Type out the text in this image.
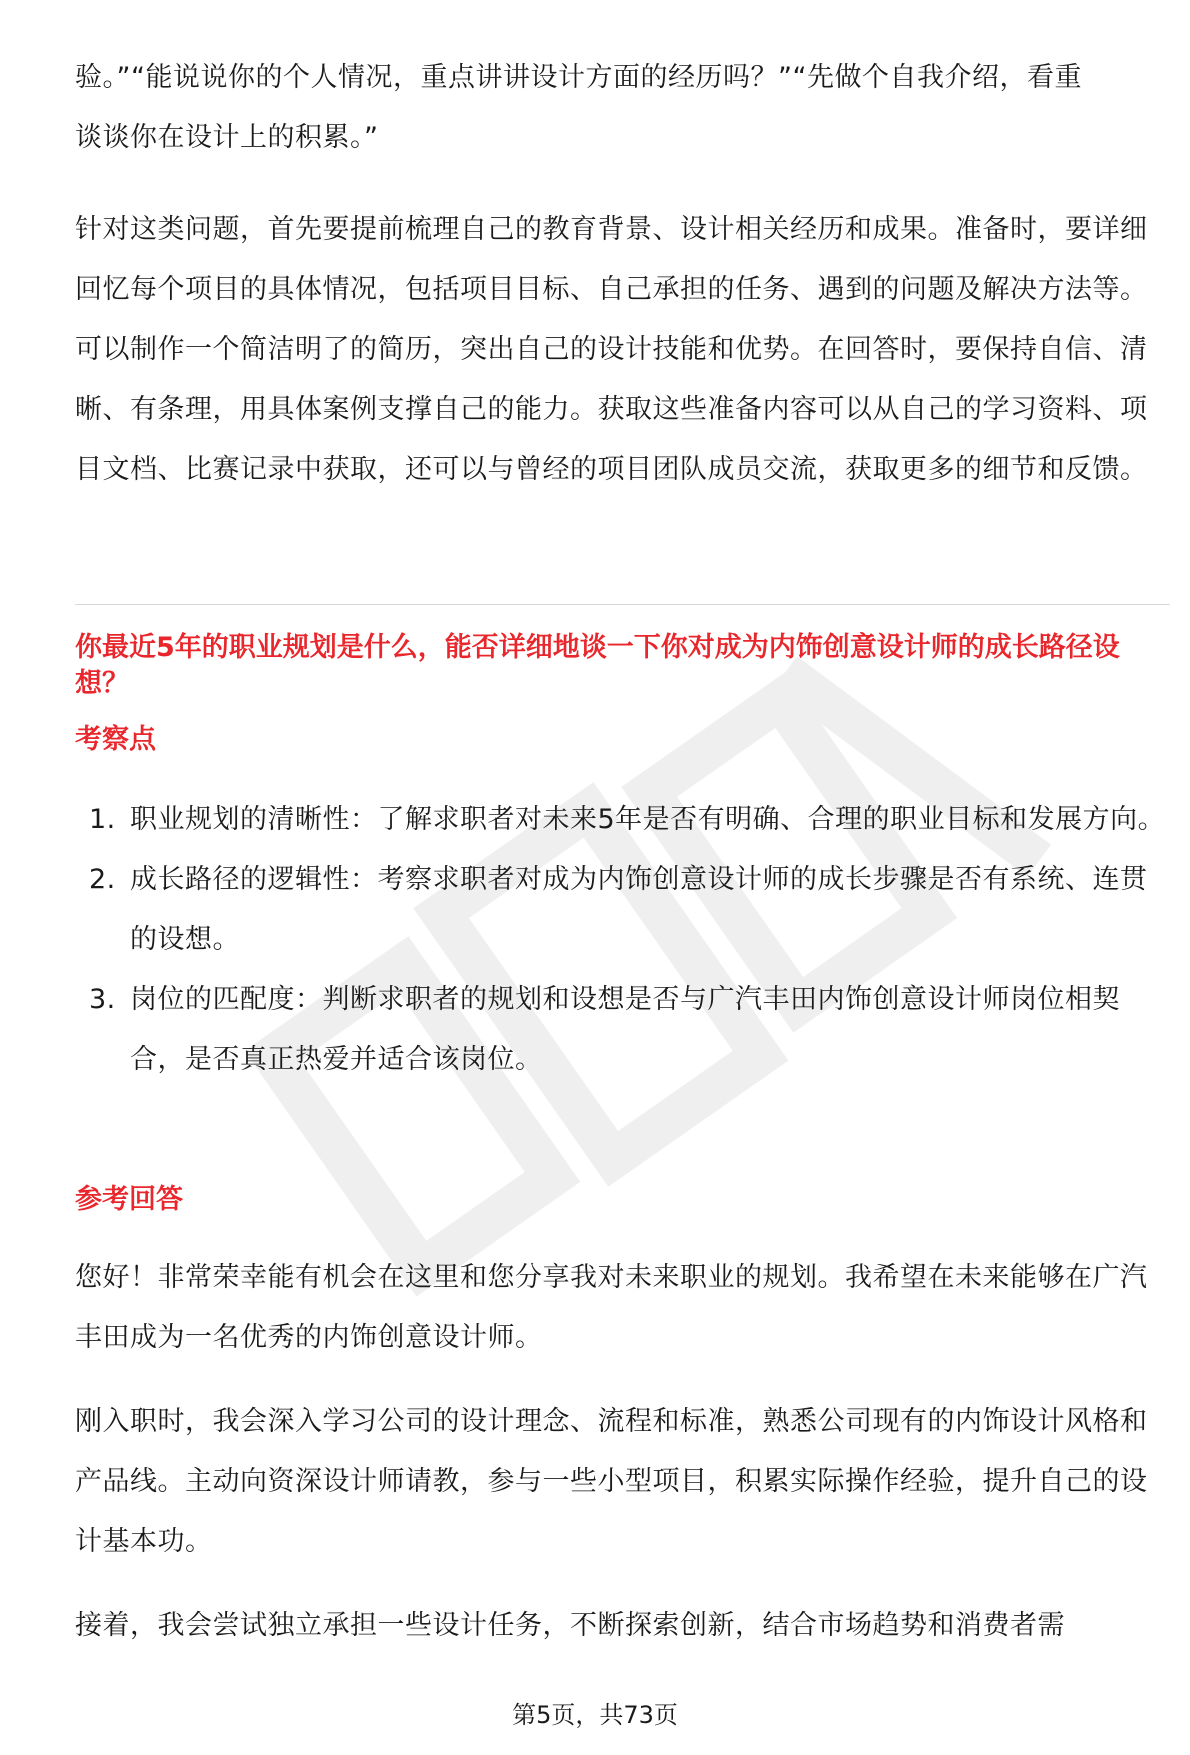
验。”“能说说你的个人情况，重点讲讲设计方面的经历吗？”“先做个自我介绍，看重

谈谈你在设计上的积累。”

针对这类问题，首先要提前梳理自己的教育背景、设计相关经历和成果。准备时，要详细回忆每个项目的具体情况，包括项目目标、自己承担的任务、遇到的问题及解决方法等。可以制作一个简洁明了的简历，突出自己的设计技能和优势。在回答时，要保持自信、清晰、有条理，用具体案例支撑自己的能力。获取这些准备内容可以从自己的学习资料、项目文档、比赛记录中获取，还可以与曾经的项目团队成员交流，获取更多的细节和反馈。

你最近5年的职业规划是什么，能否详细地谈一下你对成为内饰创意设计师的成长路径设想？

考察点

1. 职业规划的清晰性：了解求职者对未来5年是否有明确、合理的职业目标和发展方向。
2. 成长路径的逻辑性：考察求职者对成为内饰创意设计师的成长步骤是否有系统、连贯的设想。
3. 岗位的匹配度：判断求职者的规划和设想是否与广汽丰田内饰创意设计师岗位相契合，是否真正热爱并适合该岗位。

参考回答

您好！非常荣幸能有机会在这里和您分享我对未来职业的规划。我希望在未来能够在广汽丰田成为一名优秀的内饰创意设计师。

刚入职时，我会深入学习公司的设计理念、流程和标准，熟悉公司现有的内饰设计风格和产品线。主动向资深设计师请教，参与一些小型项目，积累实际操作经验，提升自己的设计基本功。

接着，我会尝试独立承担一些设计任务，不断探索创新，结合市场趋势和消费者需

第5页，共73页
